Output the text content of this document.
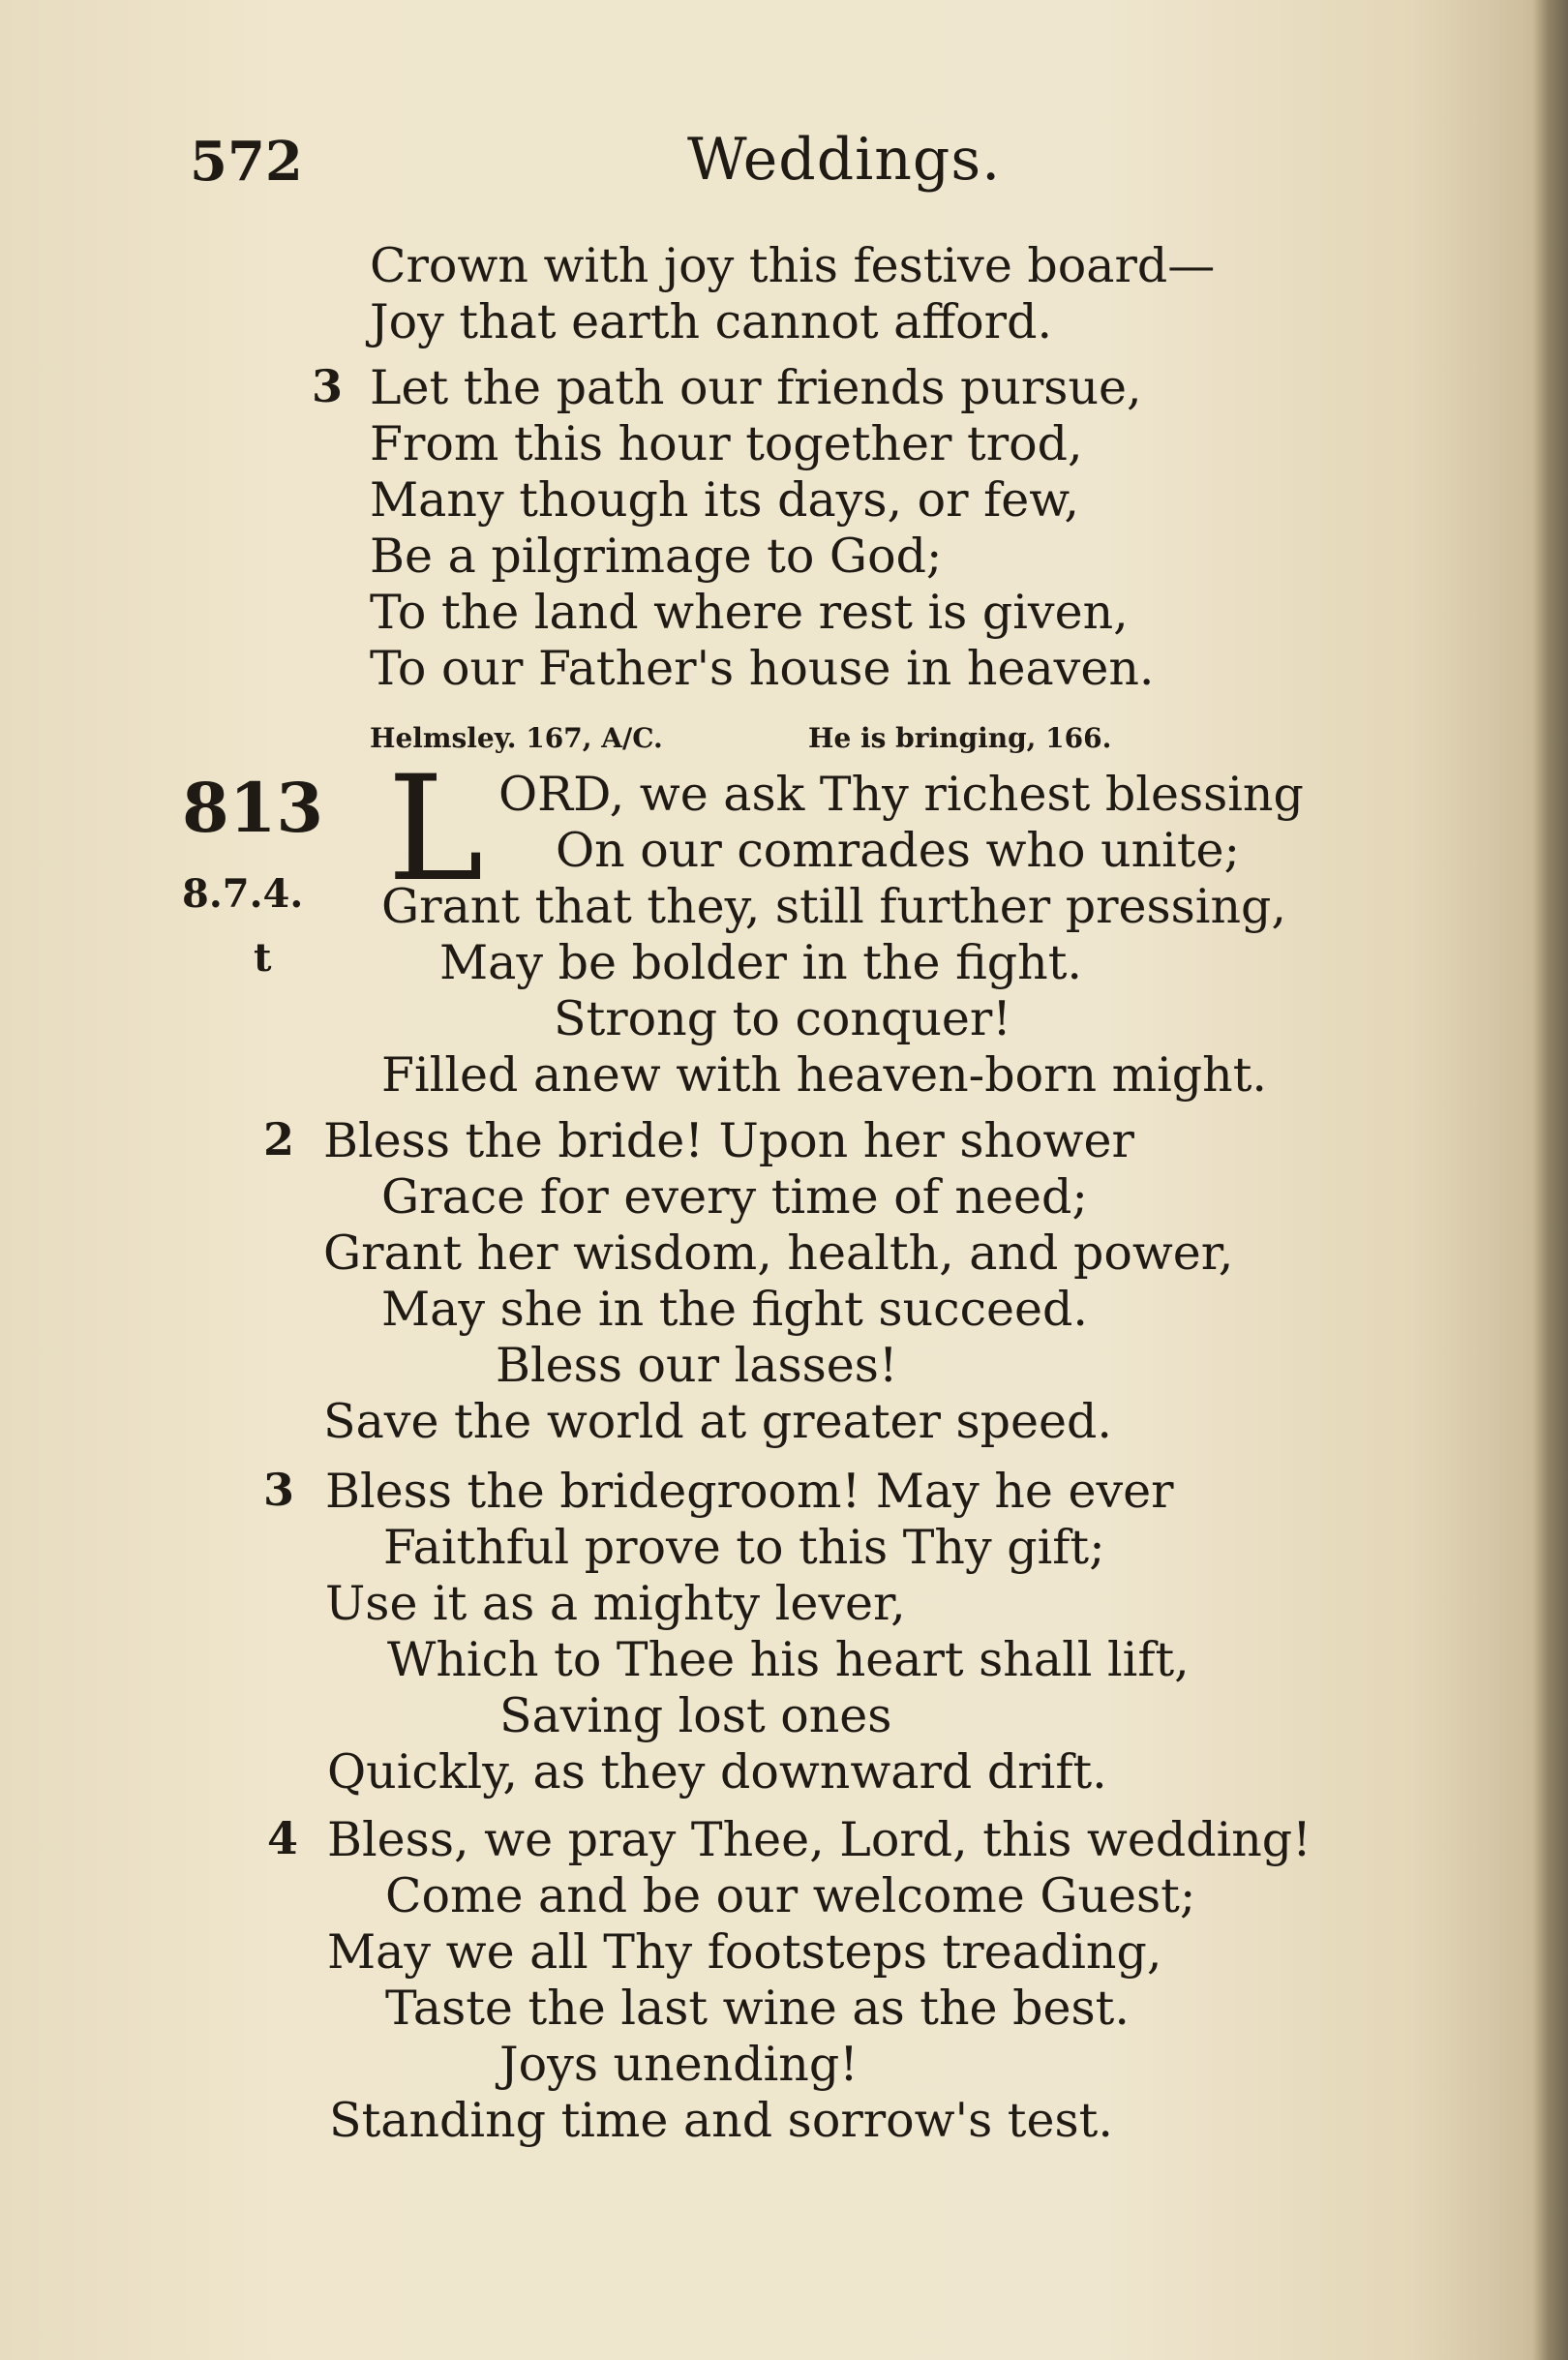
572	Weddings.
Crown with joy this festive board—
Joy that earth cannot afford.
3 Let the path our friends pursue,
From this hour together trod,
Many though its days, or few,
Be a pilgrimage to God;
To the land where rest is given,
To our Father's house in heaven.
Helmsley. 167, A/C.	He is bringing, 166.
813
8.7.4.
t
L ORD, we ask Thy richest blessing
On our comrades who unite;
Grant that they, still further pressing,
May be bolder in the fight.
Strong to conquer!
Filled anew with heaven-born might.
2 Bless the bride! Upon her shower
Grace for every time of need;
Grant her wisdom, health, and power,
May she in the fight succeed.
Bless our lasses!
Save the world at greater speed.
3 Bless the bridegroom! May he ever
Faithful prove to this Thy gift;
Use it as a mighty lever,
Which to Thee his heart shall lift,
Saving lost ones
Quickly, as they downward drift.
4 Bless, we pray Thee, Lord, this wedding!
Come and be our welcome Guest;
May we all Thy footsteps treading,
Taste the last wine as the best.
Joys unending!
Standing time and sorrow's test.
